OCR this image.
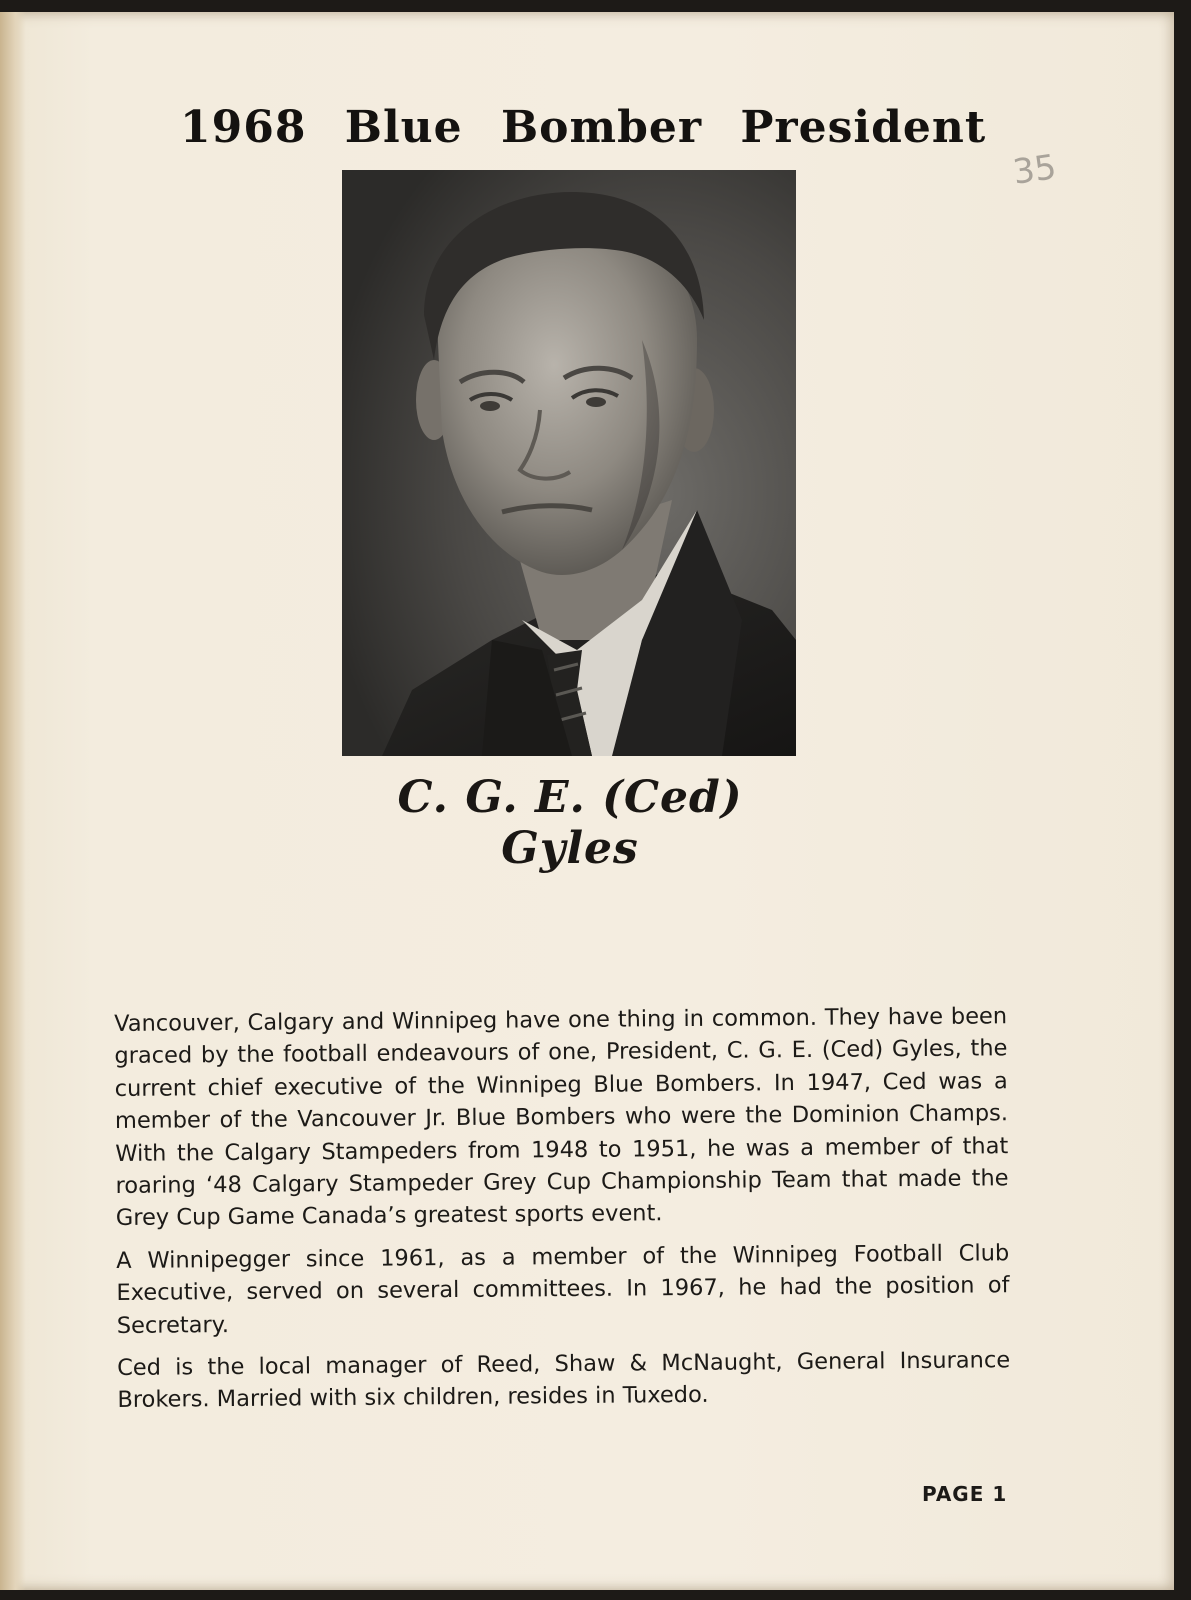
1968 Blue Bomber President
35
C. G. E. (Ced) Gyles

Vancouver, Calgary and Winnipeg have one thing in common. They have been graced by the football endeavours of one, President, C. G. E. (Ced) Gyles, the current chief executive of the Winnipeg Blue Bombers. In 1947, Ced was a member of the Vancouver Jr. Blue Bombers who were the Dominion Champs. With the Calgary Stampeders from 1948 to 1951, he was a member of that roaring ‘48 Calgary Stampeder Grey Cup Championship Team that made the Grey Cup Game Canada’s greatest sports event.

A Winnipegger since 1961, as a member of the Winnipeg Football Club Executive, served on several committees. In 1967, he had the position of Secretary.

Ced is the local manager of Reed, Shaw & McNaught, General Insurance Brokers. Married with six children, resides in Tuxedo.

PAGE 1
